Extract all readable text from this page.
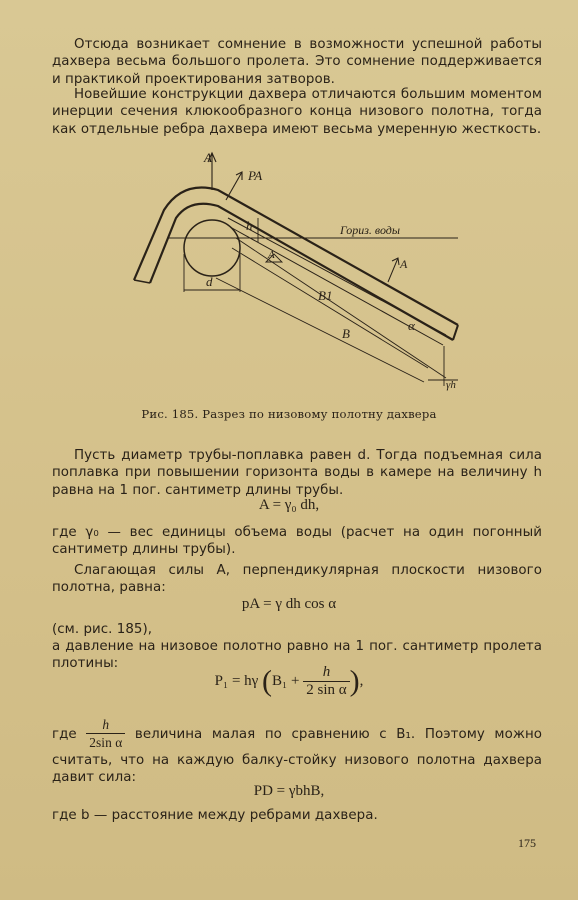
Отсюда возникает сомнение в возможности успешной работы дахвера весьма большого пролета. Это сомнение поддерживается и практикой проектирования затворов.
Новейшие конструкции дахвера отличаются большим моментом инерции сечения клюкообразного конца низового полотна, тогда как отдельные ребра дахвера имеют весьма умеренную жесткость.
A
PA
h	Гориз. воды
d
A
A
B1
B
α
γh
Рис. 185. Разрез по низовому полотну дахвера
Пусть диаметр трубы-поплавка равен d. Тогда подъемная сила поплавка при повышении горизонта воды в камере на величину h равна на 1 пог. сантиметр длины трубы.
A = γ₀ dh,
где γ₀ — вес единицы объема воды (расчет на один погонный сантиметр длины трубы).
Слагающая силы A, перпендикулярная плоскости низового полотна, равна:
pA = γ dh cos α
(см. рис. 185),
а давление на низовое полотно равно на 1 пог. сантиметр пролета плотины:
P₁ = hγ ($B_1 + \frac{h}{\text{2 sin α}}$ ),
где $\frac{h}{\text{2sin α}}$ величина малая по сравнению с B₁. Поэтому можно считать, что на каждую балку-стойку низового полотна дахвера давит сила:
PD = γbhB,
где b — расстояние между ребрами дахвера.
175
